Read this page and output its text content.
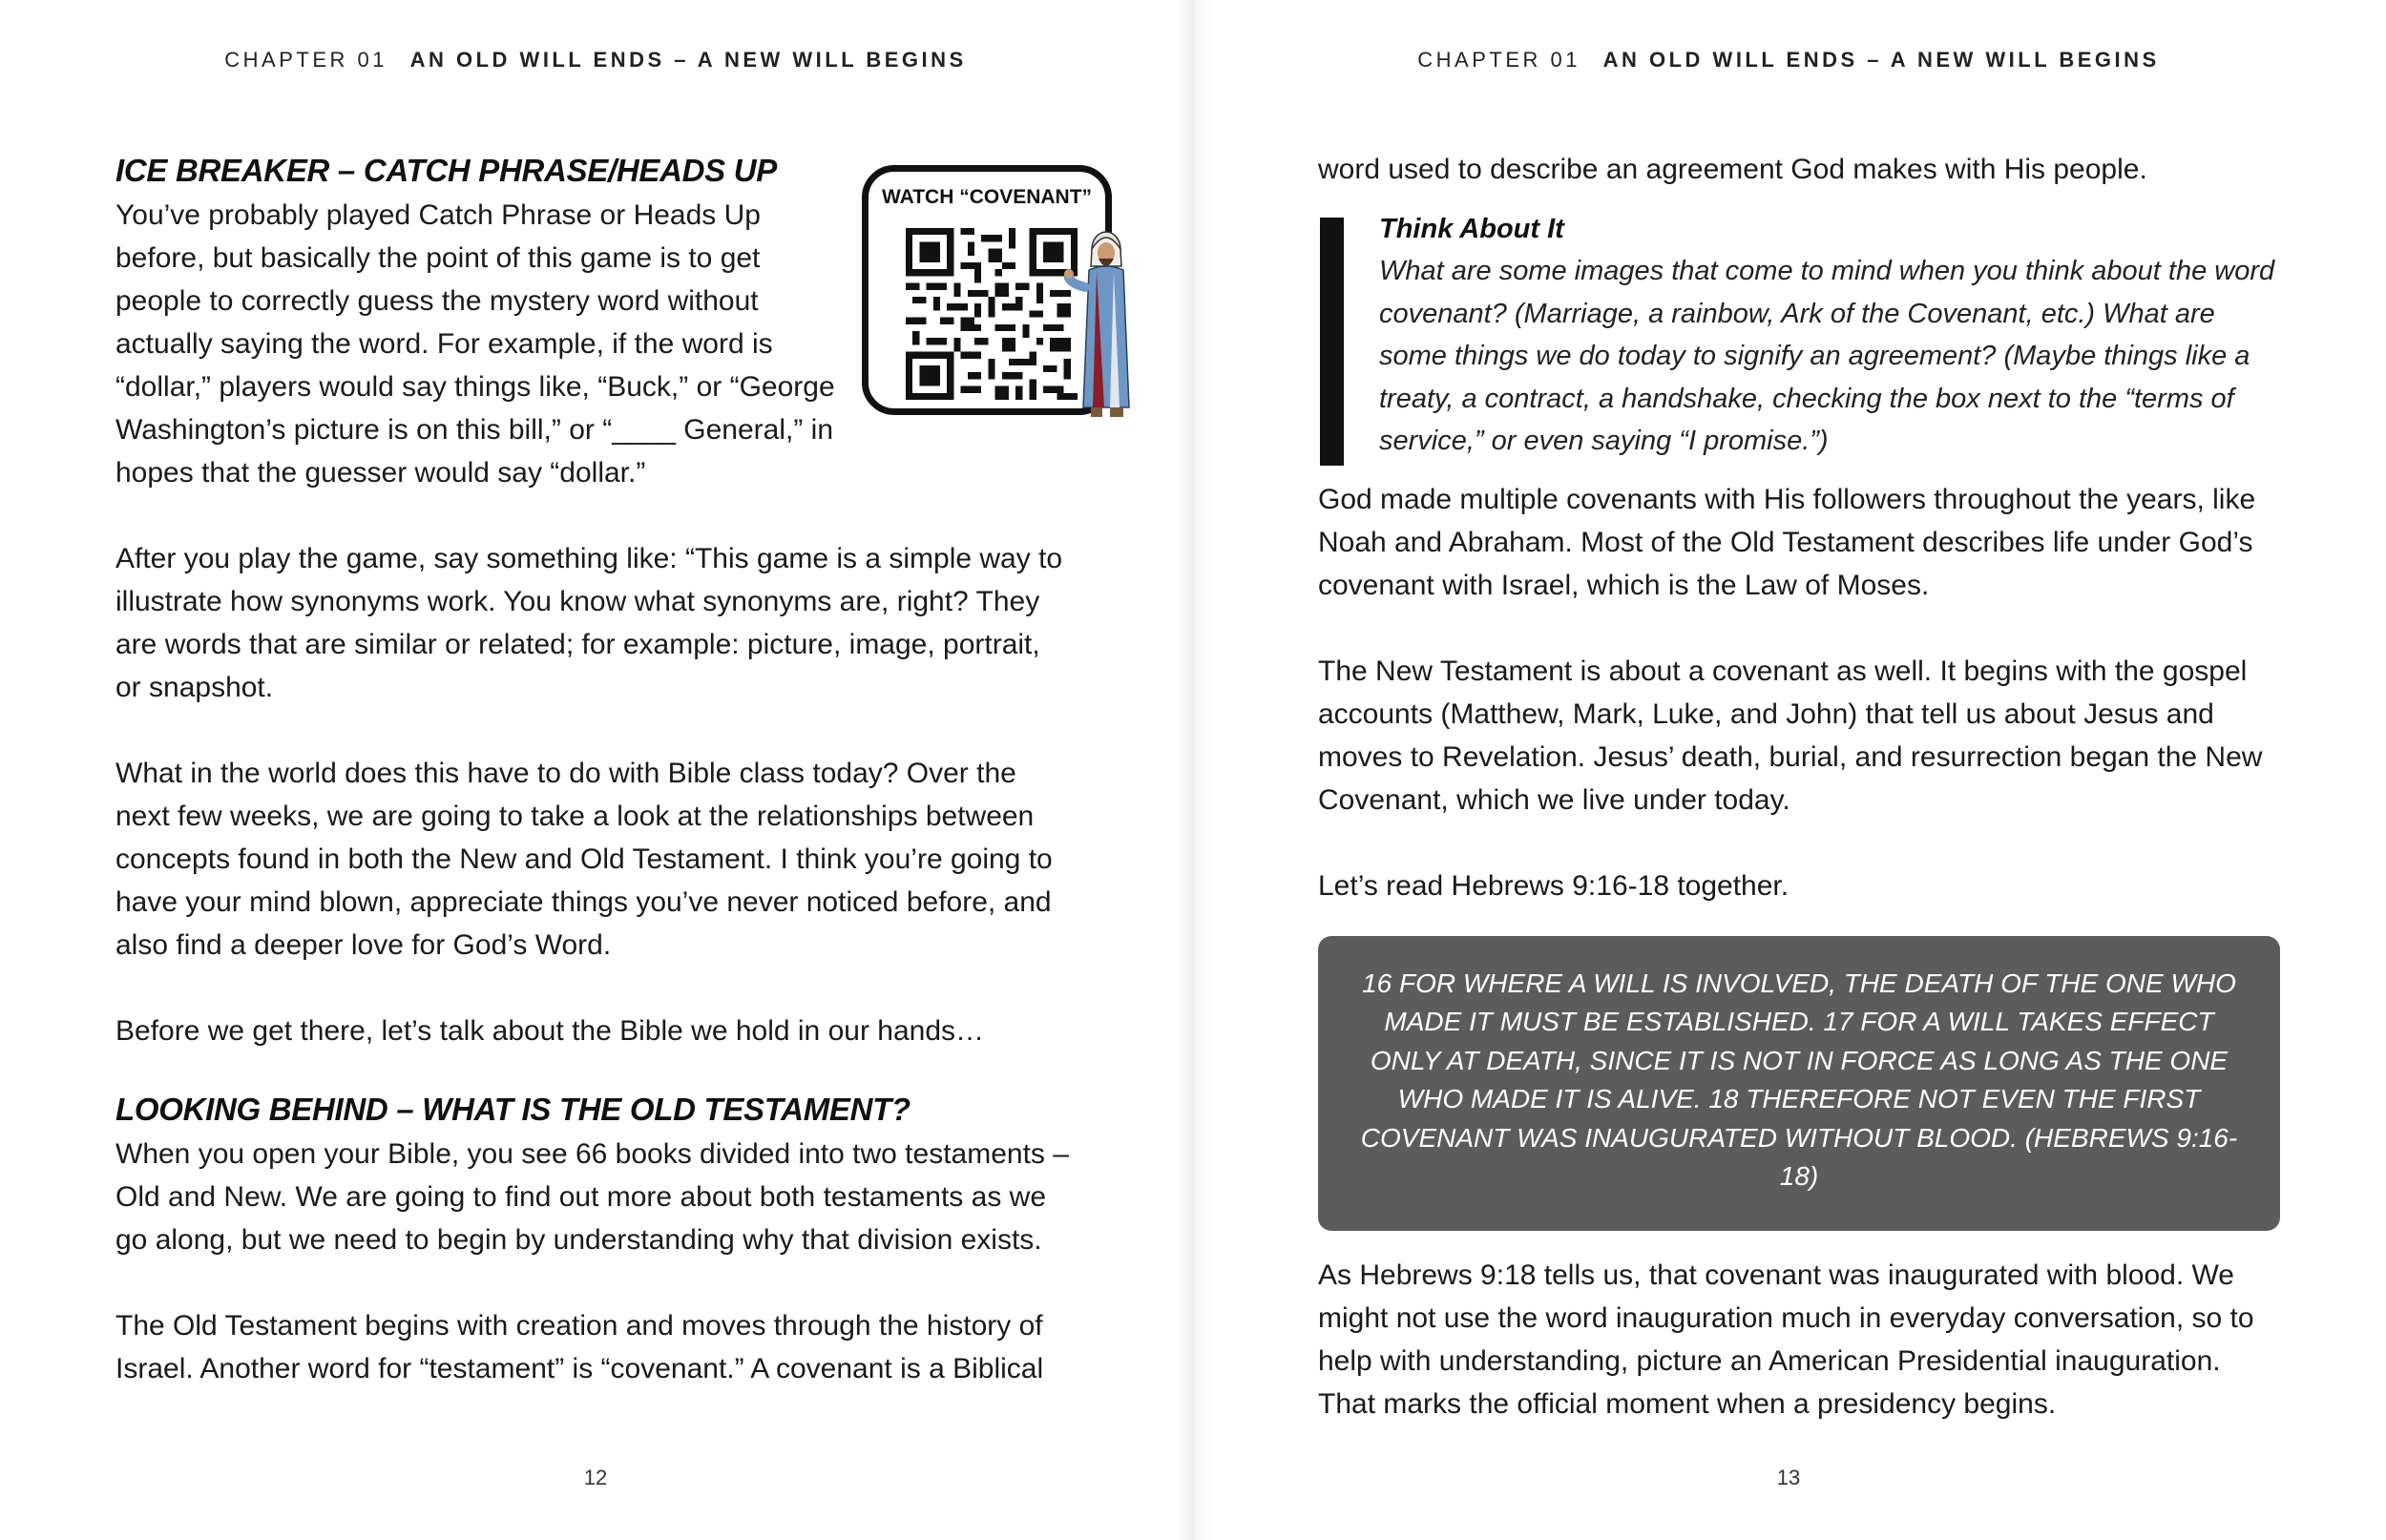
CHAPTER 01 AN OLD WILL ENDS – A NEW WILL BEGINS
ICE BREAKER – CATCH PHRASE/HEADS UP

You’ve probably played Catch Phrase or Heads Up before, but basically the point of this game is to get people to correctly guess the mystery word without actually saying the word. For example, if the word is “dollar,” players would say things like, “Buck,” or “George Washington’s picture is on this bill,” or “____ General,” in hopes that the guesser would say “dollar.”

WATCH “COVENANT”

After you play the game, say something like: “This game is a simple way to illustrate how synonyms work. You know what synonyms are, right? They are words that are similar or related; for example: picture, image, portrait, or snapshot.

What in the world does this have to do with Bible class today? Over the next few weeks, we are going to take a look at the relationships between concepts found in both the New and Old Testament. I think you’re going to have your mind blown, appreciate things you’ve never noticed before, and also find a deeper love for God’s Word.

Before we get there, let’s talk about the Bible we hold in our hands…

LOOKING BEHIND – WHAT IS THE OLD TESTAMENT?

When you open your Bible, you see 66 books divided into two testaments – Old and New. We are going to find out more about both testaments as we go along, but we need to begin by understanding why that division exists.

The Old Testament begins with creation and moves through the history of Israel. Another word for “testament” is “covenant.” A covenant is a Biblical

12
CHAPTER 01 AN OLD WILL ENDS – A NEW WILL BEGINS

word used to describe an agreement God makes with His people.

Think About It
What are some images that come to mind when you think about the word covenant? (Marriage, a rainbow, Ark of the Covenant, etc.) What are some things we do today to signify an agreement? (Maybe things like a treaty, a contract, a handshake, checking the box next to the “terms of service,” or even saying “I promise.”)

God made multiple covenants with His followers throughout the years, like Noah and Abraham. Most of the Old Testament describes life under God’s covenant with Israel, which is the Law of Moses.

The New Testament is about a covenant as well. It begins with the gospel accounts (Matthew, Mark, Luke, and John) that tell us about Jesus and moves to Revelation. Jesus’ death, burial, and resurrection began the New Covenant, which we live under today.

Let’s read Hebrews 9:16-18 together.

16 FOR WHERE A WILL IS INVOLVED, THE DEATH OF THE ONE WHO MADE IT MUST BE ESTABLISHED. 17 FOR A WILL TAKES EFFECT ONLY AT DEATH, SINCE IT IS NOT IN FORCE AS LONG AS THE ONE WHO MADE IT IS ALIVE. 18 THEREFORE NOT EVEN THE FIRST COVENANT WAS INAUGURATED WITHOUT BLOOD. (HEBREWS 9:16-18)

As Hebrews 9:18 tells us, that covenant was inaugurated with blood. We might not use the word inauguration much in everyday conversation, so to help with understanding, picture an American Presidential inauguration. That marks the official moment when a presidency begins.

13
